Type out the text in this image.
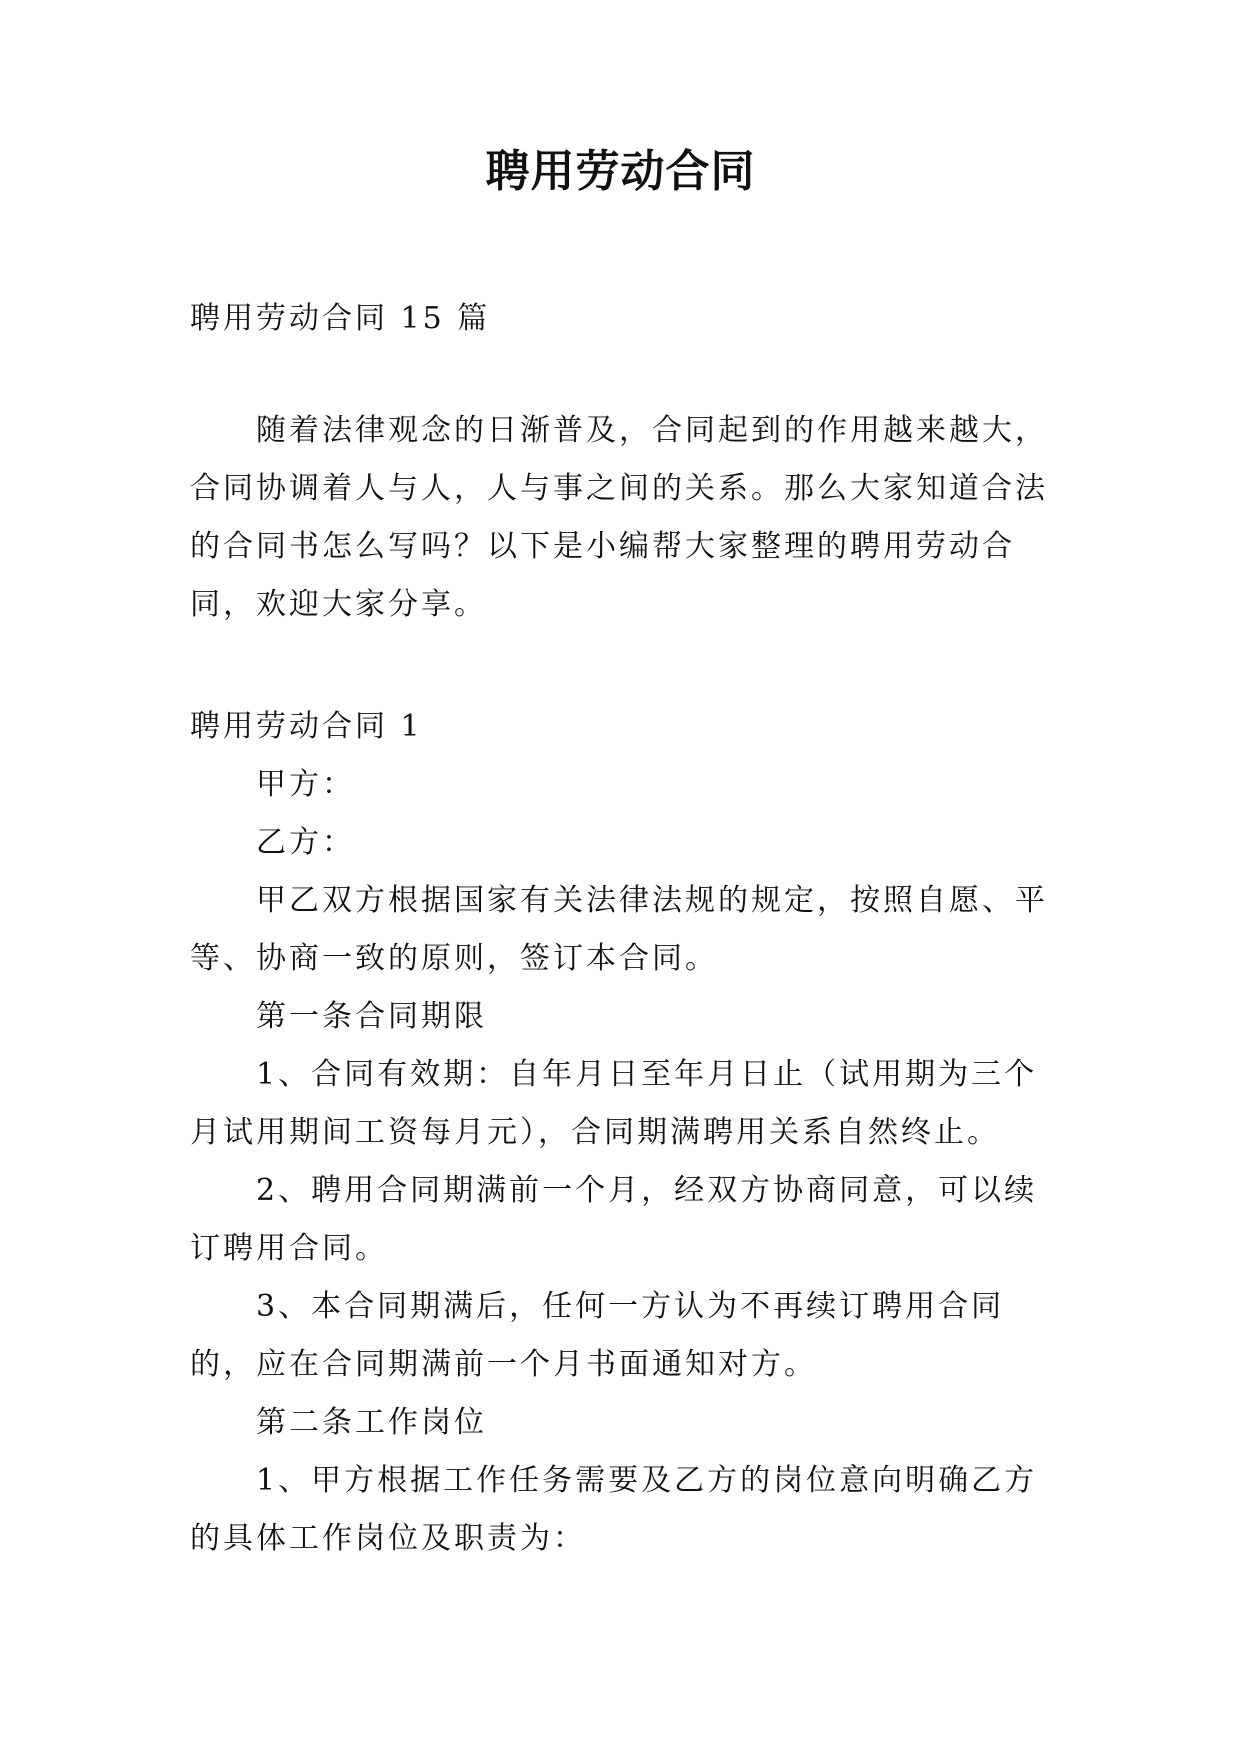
聘用劳动合同

聘用劳动合同 15 篇

随着法律观念的日渐普及，合同起到的作用越来越大，合同协调着人与人，人与事之间的关系。那么大家知道合法的合同书怎么写吗？以下是小编帮大家整理的聘用劳动合同，欢迎大家分享。

聘用劳动合同 1

甲方：

乙方：

甲乙双方根据国家有关法律法规的规定，按照自愿、平等、协商一致的原则，签订本合同。

第一条合同期限

1、合同有效期：自年月日至年月日止（试用期为三个月试用期间工资每月元），合同期满聘用关系自然终止。

2、聘用合同期满前一个月，经双方协商同意，可以续订聘用合同。

3、本合同期满后，任何一方认为不再续订聘用合同的，应在合同期满前一个月书面通知对方。

第二条工作岗位

1、甲方根据工作任务需要及乙方的岗位意向明确乙方的具体工作岗位及职责为：
